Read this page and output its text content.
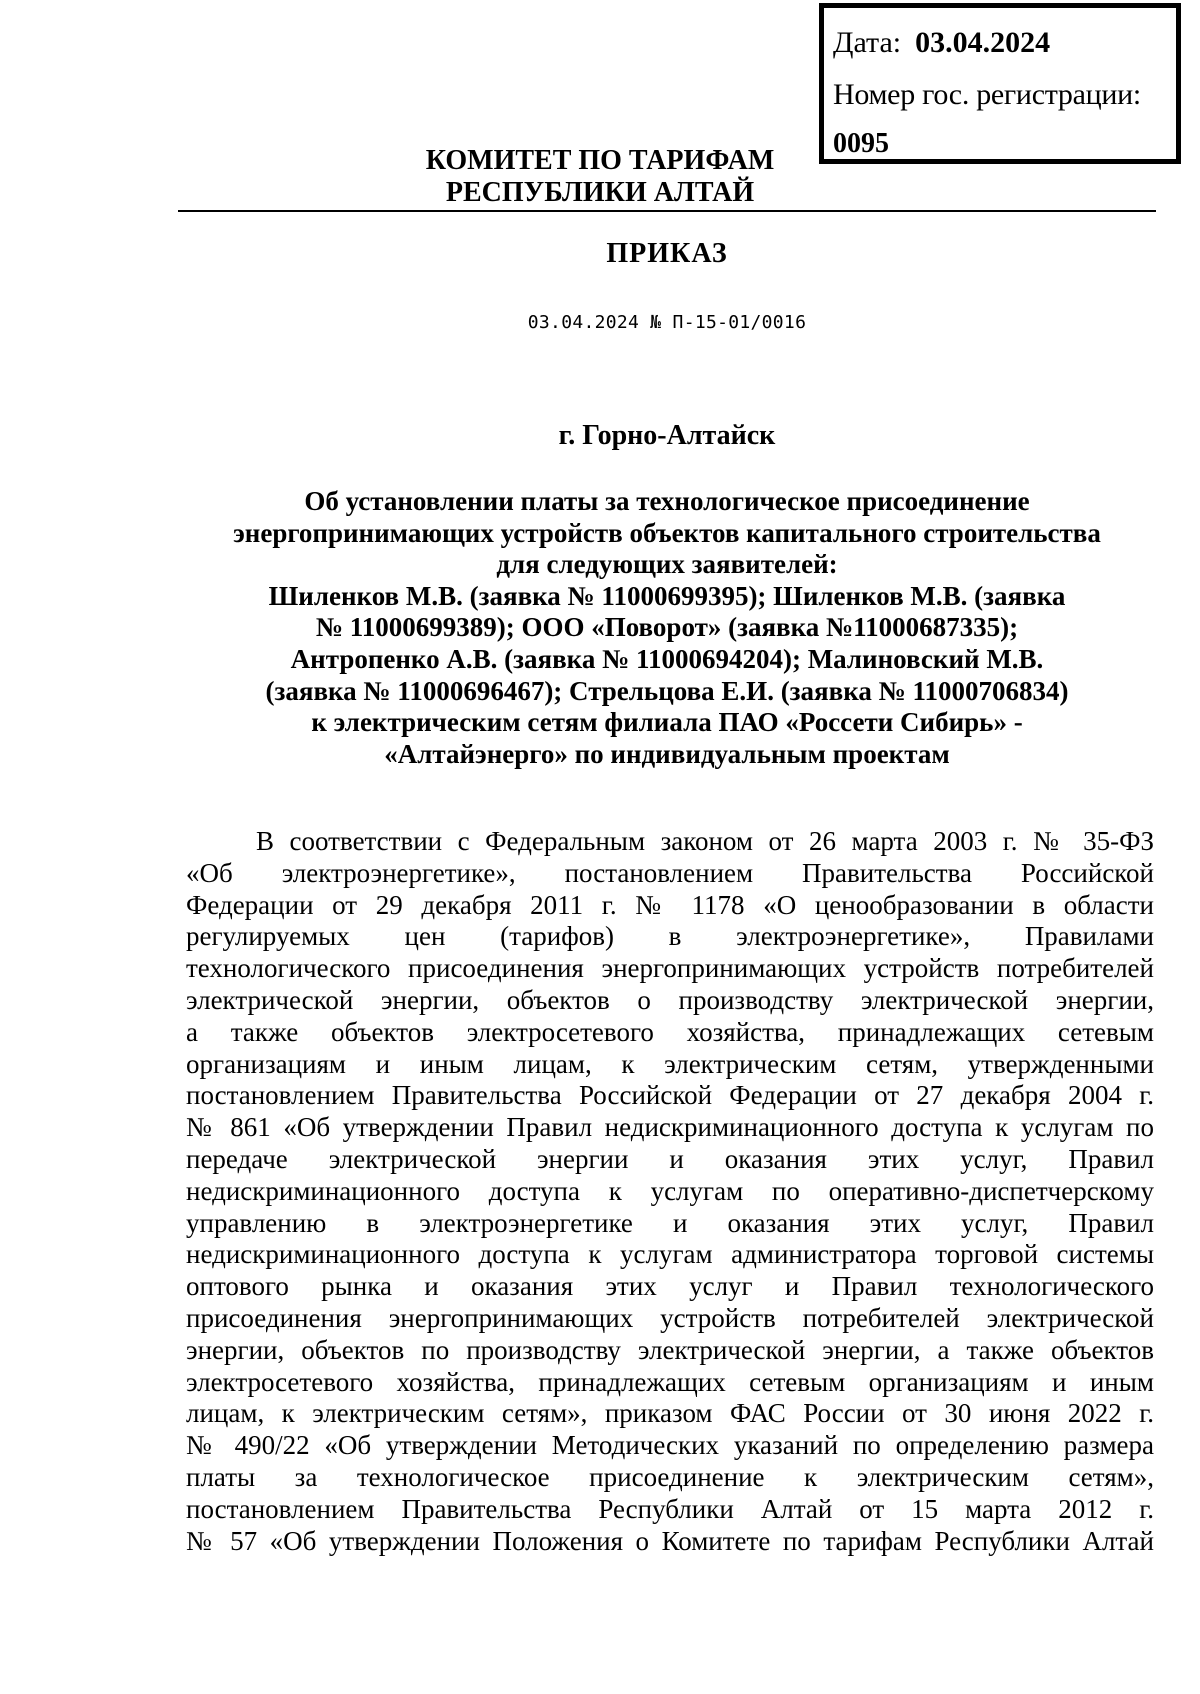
Дата: 03.04.2024
Номер гос. регистрации:
0095
КОМИТЕТ ПО ТАРИФАМ
РЕСПУБЛИКИ АЛТАЙ
ПРИКАЗ
03.04.2024 № П-15-01/0016
г. Горно-Алтайск
Об установлении платы за технологическое присоединение
энергопринимающих устройств объектов капитального строительства
для следующих заявителей:
Шиленков М.В. (заявка № 11000699395); Шиленков М.В. (заявка
№ 11000699389); ООО «Поворот» (заявка №11000687335);
Антропенко А.В. (заявка № 11000694204); Малиновский М.В.
(заявка № 11000696467); Стрельцова Е.И. (заявка № 11000706834)
к электрическим сетям филиала ПАО «Россети Сибирь» -
«Алтайэнерго» по индивидуальным проектам
В соответствии с Федеральным законом от 26 марта 2003 г. № 35-ФЗ
«Об электроэнергетике», постановлением Правительства Российской
Федерации от 29 декабря 2011 г. № 1178 «О ценообразовании в области
регулируемых цен (тарифов) в электроэнергетике», Правилами
технологического присоединения энергопринимающих устройств потребителей
электрической энергии, объектов о производству электрической энергии,
а также объектов электросетевого хозяйства, принадлежащих сетевым
организациям и иным лицам, к электрическим сетям, утвержденными
постановлением Правительства Российской Федерации от 27 декабря 2004 г.
№ 861 «Об утверждении Правил недискриминационного доступа к услугам по
передаче электрической энергии и оказания этих услуг, Правил
недискриминационного доступа к услугам по оперативно-диспетчерскому
управлению в электроэнергетике и оказания этих услуг, Правил
недискриминационного доступа к услугам администратора торговой системы
оптового рынка и оказания этих услуг и Правил технологического
присоединения энергопринимающих устройств потребителей электрической
энергии, объектов по производству электрической энергии, а также объектов
электросетевого хозяйства, принадлежащих сетевым организациям и иным
лицам, к электрическим сетям», приказом ФАС России от 30 июня 2022 г.
№ 490/22 «Об утверждении Методических указаний по определению размера
платы за технологическое присоединение к электрическим сетям»,
постановлением Правительства Республики Алтай от 15 марта 2012 г.
№ 57 «Об утверждении Положения о Комитете по тарифам Республики Алтай
